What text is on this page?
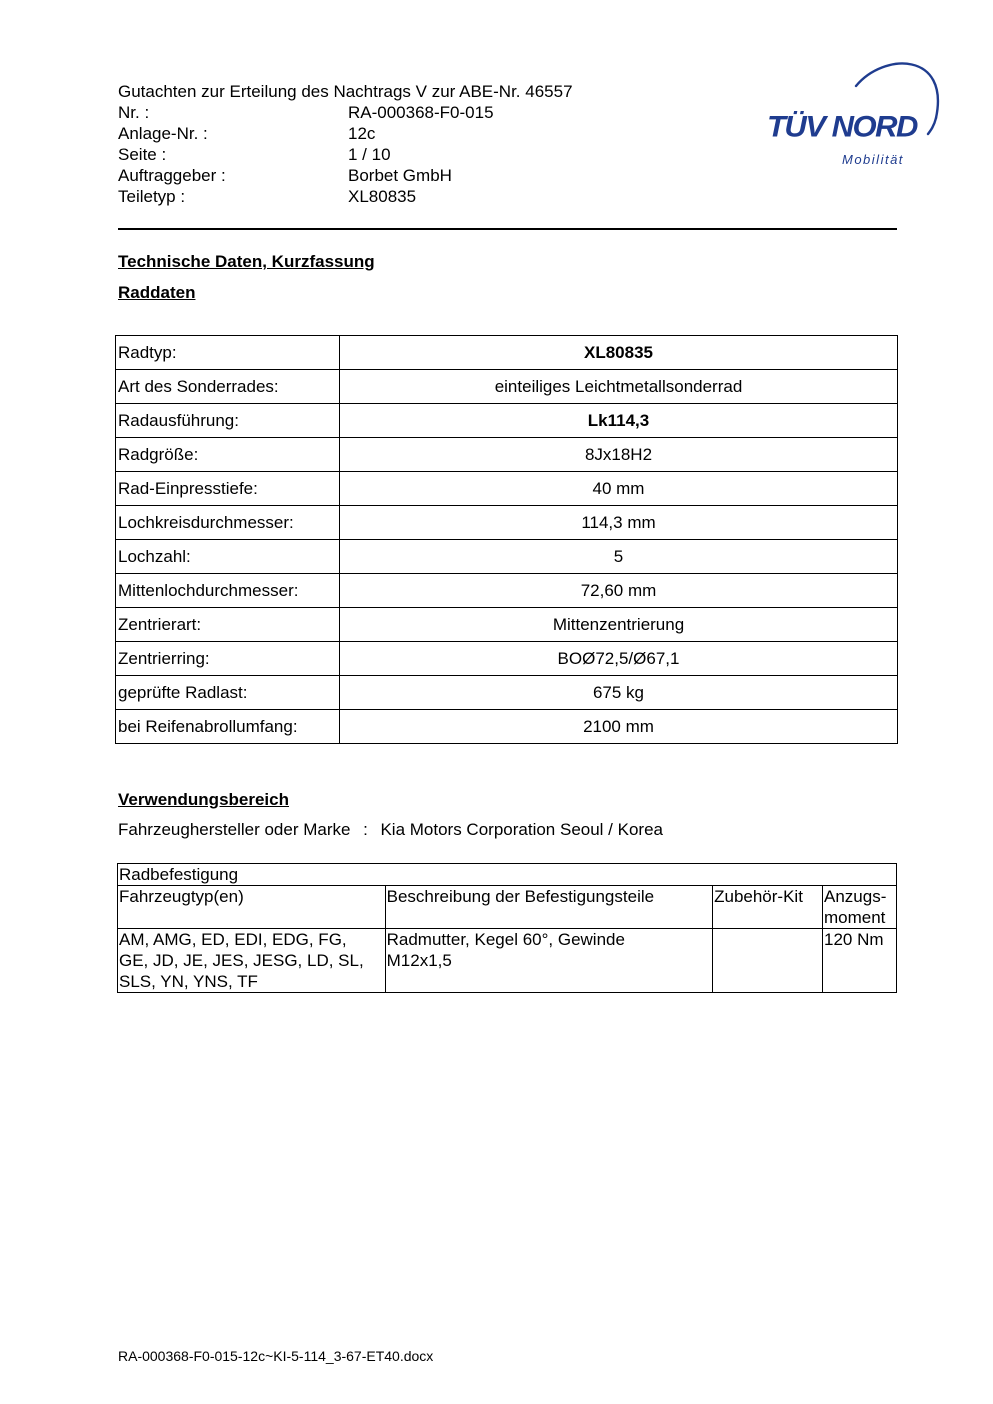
Gutachten zur Erteilung des Nachtrags V zur ABE-Nr. 46557
Nr. :	RA-000368-F0-015
Anlage-Nr. :	12c
Seite :	1 / 10
Auftraggeber :	Borbet GmbH
Teiletyp :	XL80835
TÜV NORD
Mobilität
Technische Daten, Kurzfassung
Raddaten
Radtyp:	XL80835
Art des Sonderrades:	einteiliges Leichtmetallsonderrad
Radausführung:	Lk114,3
Radgröße:	8Jx18H2
Rad-Einpresstiefe:	40 mm
Lochkreisdurchmesser:	114,3 mm
Lochzahl:	5
Mittenlochdurchmesser:	72,60 mm
Zentrierart:	Mittenzentrierung
Zentrierring:	BOØ72,5/Ø67,1
geprüfte Radlast:	675 kg
bei Reifenabrollumfang:	2100 mm
Verwendungsbereich
Fahrzeughersteller oder Marke : Kia Motors Corporation Seoul / Korea
Radbefestigung			
Fahrzeugtyp(en)	Beschreibung der Befestigungsteile	Zubehör-Kit	Anzugs-
moment
AM, AMG, ED, EDI, EDG, FG,
GE, JD, JE, JES, JESG, LD, SL,
SLS, YN, YNS, TF	Radmutter, Kegel 60°, Gewinde
M12x1,5		120 Nm
RA-000368-F0-015-12c~KI-5-114_3-67-ET40.docx
